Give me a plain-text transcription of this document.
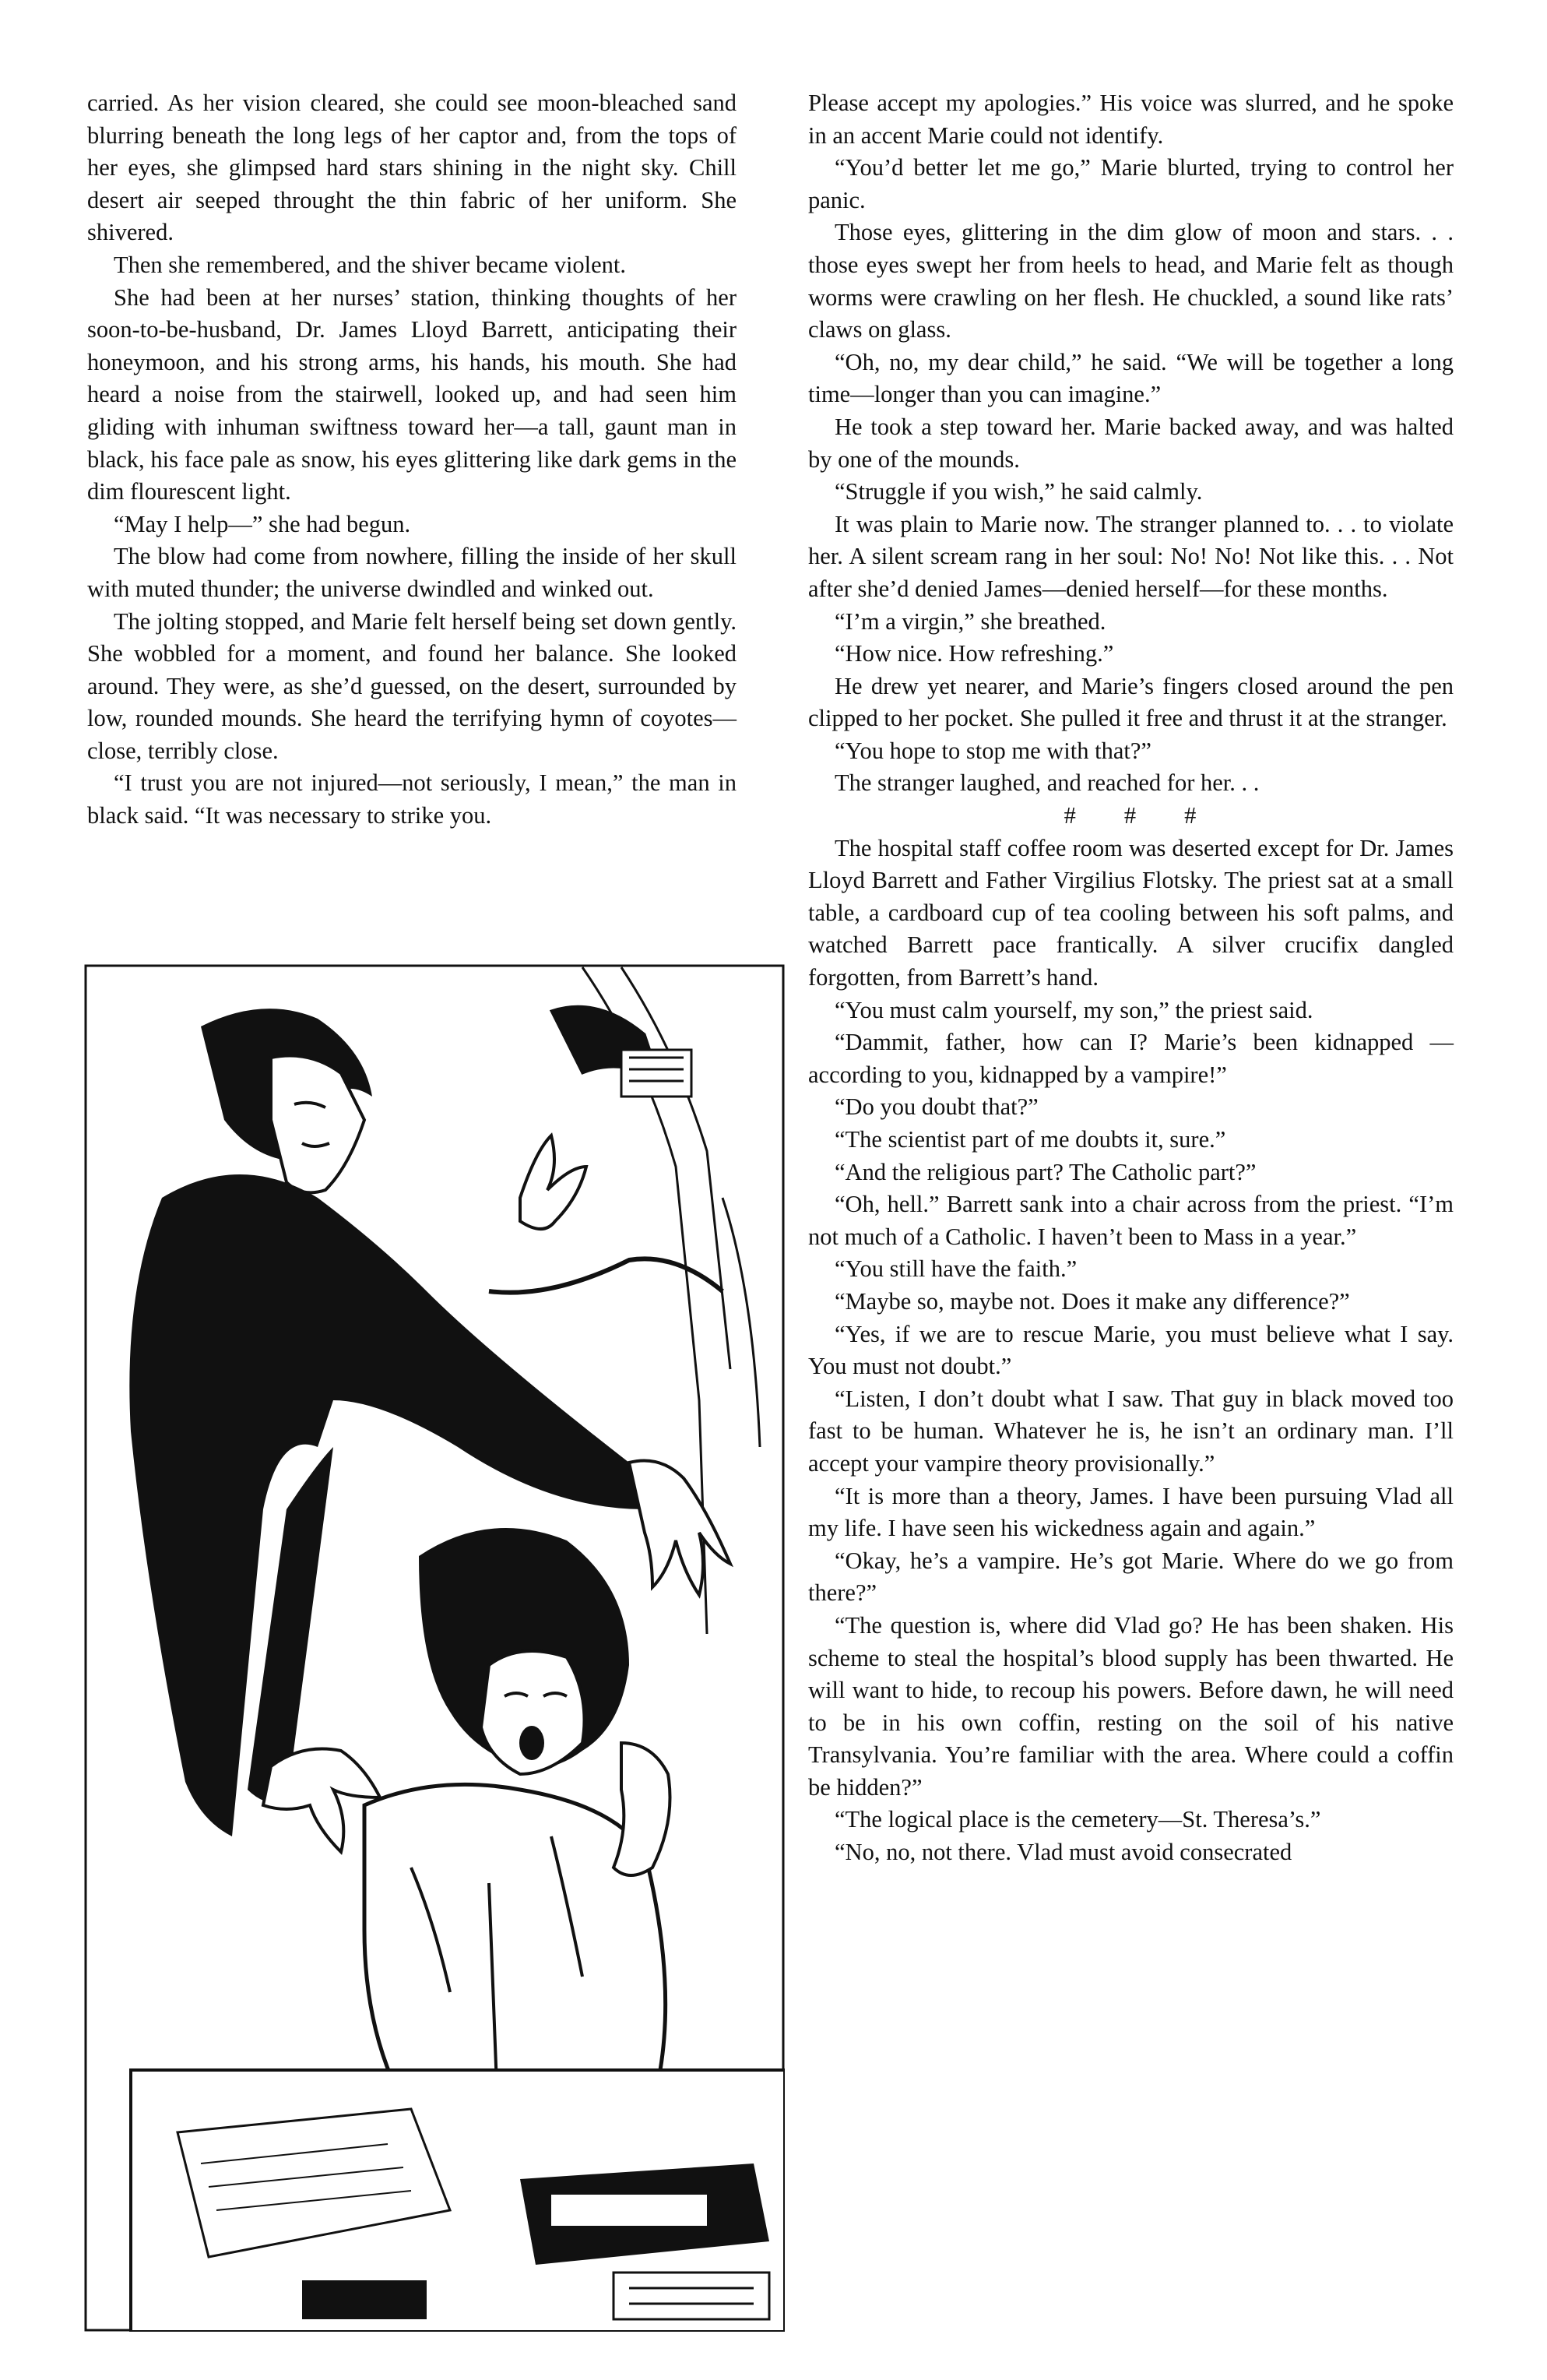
carried. As her vision cleared, she could see moon-bleached sand blurring beneath the long legs of her captor and, from the tops of her eyes, she glimpsed hard stars shining in the night sky. Chill desert air seeped throught the thin fabric of her uniform. She shivered.

Then she remembered, and the shiver became violent.

She had been at her nurses’ station, thinking thoughts of her soon-to-be-husband, Dr. James Lloyd Barrett, anticipating their honeymoon, and his strong arms, his hands, his mouth. She had heard a noise from the stairwell, looked up, and had seen him gliding with inhuman swiftness toward her—a tall, gaunt man in black, his face pale as snow, his eyes glittering like dark gems in the dim flourescent light.

“May I help—” she had begun.

The blow had come from nowhere, filling the inside of her skull with muted thunder; the universe dwindled and winked out.

The jolting stopped, and Marie felt herself being set down gently. She wobbled for a moment, and found her balance. She looked around. They were, as she’d guessed, on the desert, surrounded by low, rounded mounds. She heard the terrifying hymn of coyotes—close, terribly close.

“I trust you are not injured—not seriously, I mean,” the man in black said. “It was necessary to strike you.

Please accept my apologies.” His voice was slurred, and he spoke in an accent Marie could not identify.

“You’d better let me go,” Marie blurted, trying to control her panic.

Those eyes, glittering in the dim glow of moon and stars. . . those eyes swept her from heels to head, and Marie felt as though worms were crawling on her flesh. He chuckled, a sound like rats’ claws on glass.

“Oh, no, my dear child,” he said. “We will be together a long time—longer than you can imagine.”

He took a step toward her. Marie backed away, and was halted by one of the mounds.

“Struggle if you wish,” he said calmly.

It was plain to Marie now. The stranger planned to. . . to violate her. A silent scream rang in her soul: No! No! Not like this. . . Not after she’d denied James—denied herself—for these months.

“I’m a virgin,” she breathed.

“How nice. How refreshing.”

He drew yet nearer, and Marie’s fingers closed around the pen clipped to her pocket. She pulled it free and thrust it at the stranger.

“You hope to stop me with that?”

The stranger laughed, and reached for her. . .

# # #

The hospital staff coffee room was deserted except for Dr. James Lloyd Barrett and Father Virgilius Flotsky. The priest sat at a small table, a cardboard cup of tea cooling between his soft palms, and watched Barrett pace frantically. A silver crucifix dangled forgotten, from Barrett’s hand.

“You must calm yourself, my son,” the priest said.

“Dammit, father, how can I? Marie’s been kidnapped —according to you, kidnapped by a vampire!”

“Do you doubt that?”

“The scientist part of me doubts it, sure.”

“And the religious part? The Catholic part?”

“Oh, hell.” Barrett sank into a chair across from the priest. “I’m not much of a Catholic. I haven’t been to Mass in a year.”

“You still have the faith.”

“Maybe so, maybe not. Does it make any difference?”

“Yes, if we are to rescue Marie, you must believe what I say. You must not doubt.”

“Listen, I don’t doubt what I saw. That guy in black moved too fast to be human. Whatever he is, he isn’t an ordinary man. I’ll accept your vampire theory provisionally.”

“It is more than a theory, James. I have been pursuing Vlad all my life. I have seen his wickedness again and again.”

“Okay, he’s a vampire. He’s got Marie. Where do we go from there?”

“The question is, where did Vlad go? He has been shaken. His scheme to steal the hospital’s blood supply has been thwarted. He will want to hide, to recoup his powers. Before dawn, he will need to be in his own coffin, resting on the soil of his native Transylvania. You’re familiar with the area. Where could a coffin be hidden?”

“The logical place is the cemetery—St. Theresa’s.”

“No, no, not there. Vlad must avoid consecrated
